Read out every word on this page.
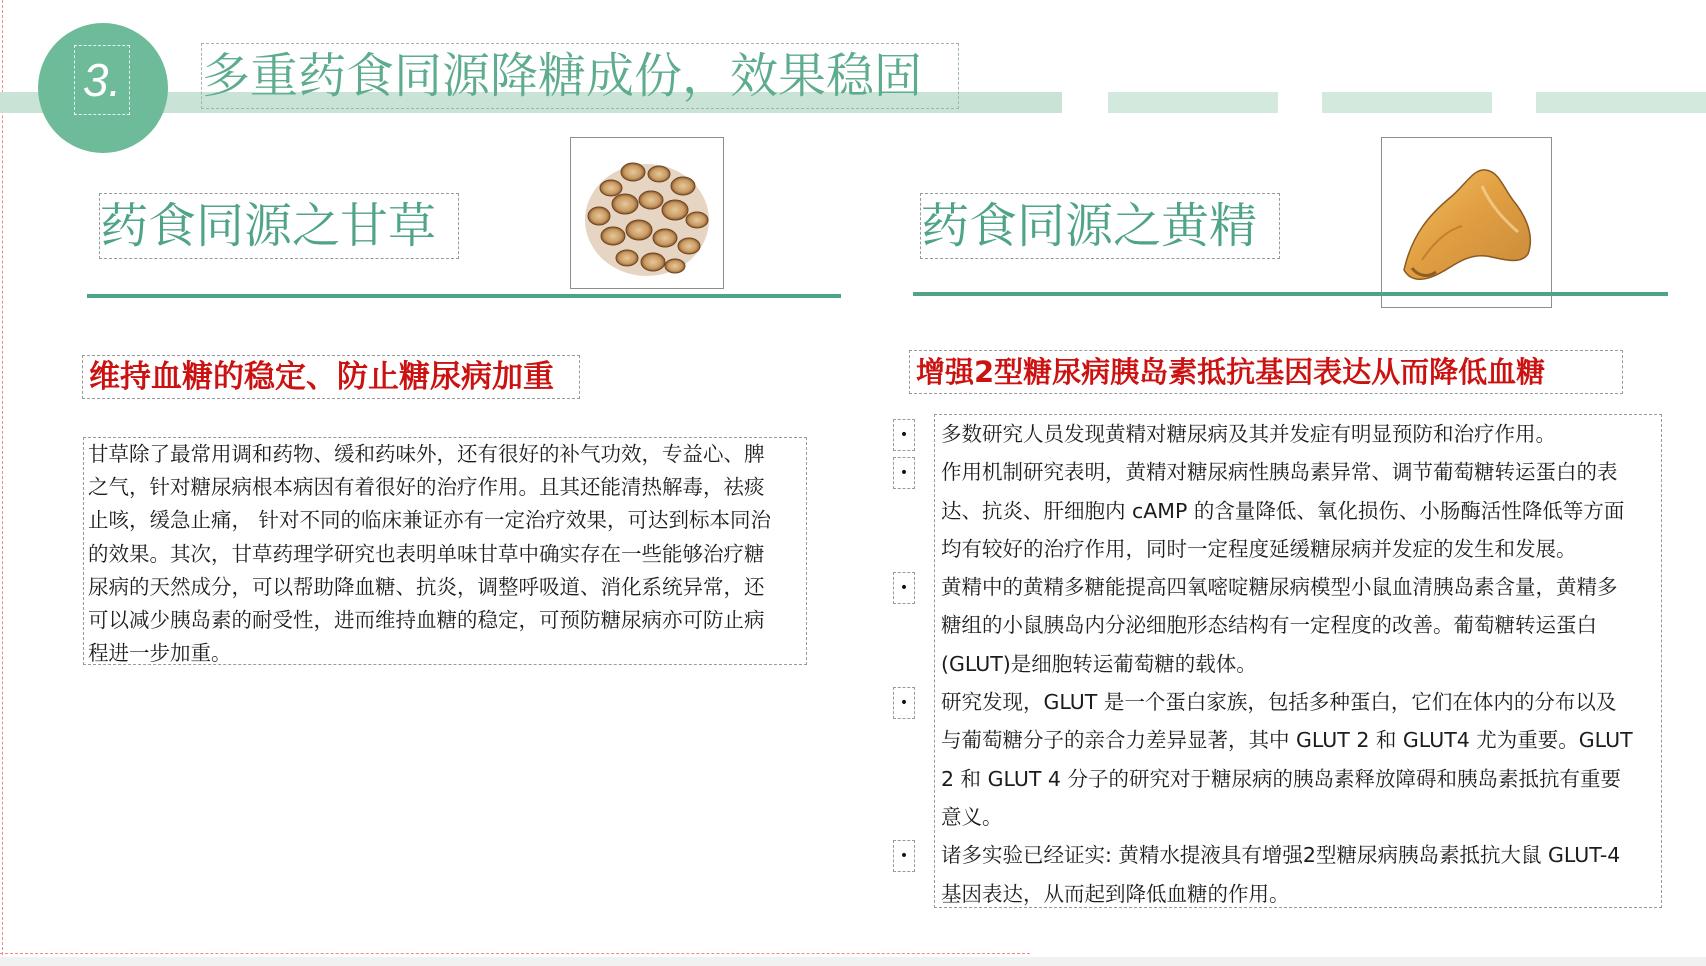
3. 多重药食同源降糖成份，效果稳固
药食同源之甘草
维持血糖的稳定、防止糖尿病加重
甘草除了最常用调和药物、缓和药味外，还有很好的补气功效，专益心、脾
之气，针对糖尿病根本病因有着很好的治疗作用。且其还能清热解毒，祛痰
止咳，缓急止痛， 针对不同的临床兼证亦有一定治疗效果，可达到标本同治
的效果。其次，甘草药理学研究也表明单味甘草中确实存在一些能够治疗糖
尿病的天然成分，可以帮助降血糖、抗炎，调整呼吸道、消化系统异常，还
可以减少胰岛素的耐受性，进而维持血糖的稳定，可预防糖尿病亦可防止病
程进一步加重。
药食同源之黄精
增强2型糖尿病胰岛素抵抗基因表达从而降低血糖
•
•
•
•
•
多数研究人员发现黄精对糖尿病及其并发症有明显预防和治疗作用。
作用机制研究表明，黄精对糖尿病性胰岛素异常、调节葡萄糖转运蛋白的表
达、抗炎、肝细胞内 cAMP 的含量降低、氧化损伤、小肠酶活性降低等方面
均有较好的治疗作用，同时一定程度延缓糖尿病并发症的发生和发展。
黄精中的黄精多糖能提高四氧嘧啶糖尿病模型小鼠血清胰岛素含量，黄精多
糖组的小鼠胰岛内分泌细胞形态结构有一定程度的改善。葡萄糖转运蛋白
(GLUT)是细胞转运葡萄糖的载体。
研究发现，GLUT 是一个蛋白家族，包括多种蛋白，它们在体内的分布以及
与葡萄糖分子的亲合力差异显著，其中 GLUT 2 和 GLUT4 尤为重要。GLUT
2 和 GLUT 4 分子的研究对于糖尿病的胰岛素释放障碍和胰岛素抵抗有重要
意义。
诸多实验已经证实: 黄精水提液具有增强2型糖尿病胰岛素抵抗大鼠 GLUT-4
基因表达，从而起到降低血糖的作用。
